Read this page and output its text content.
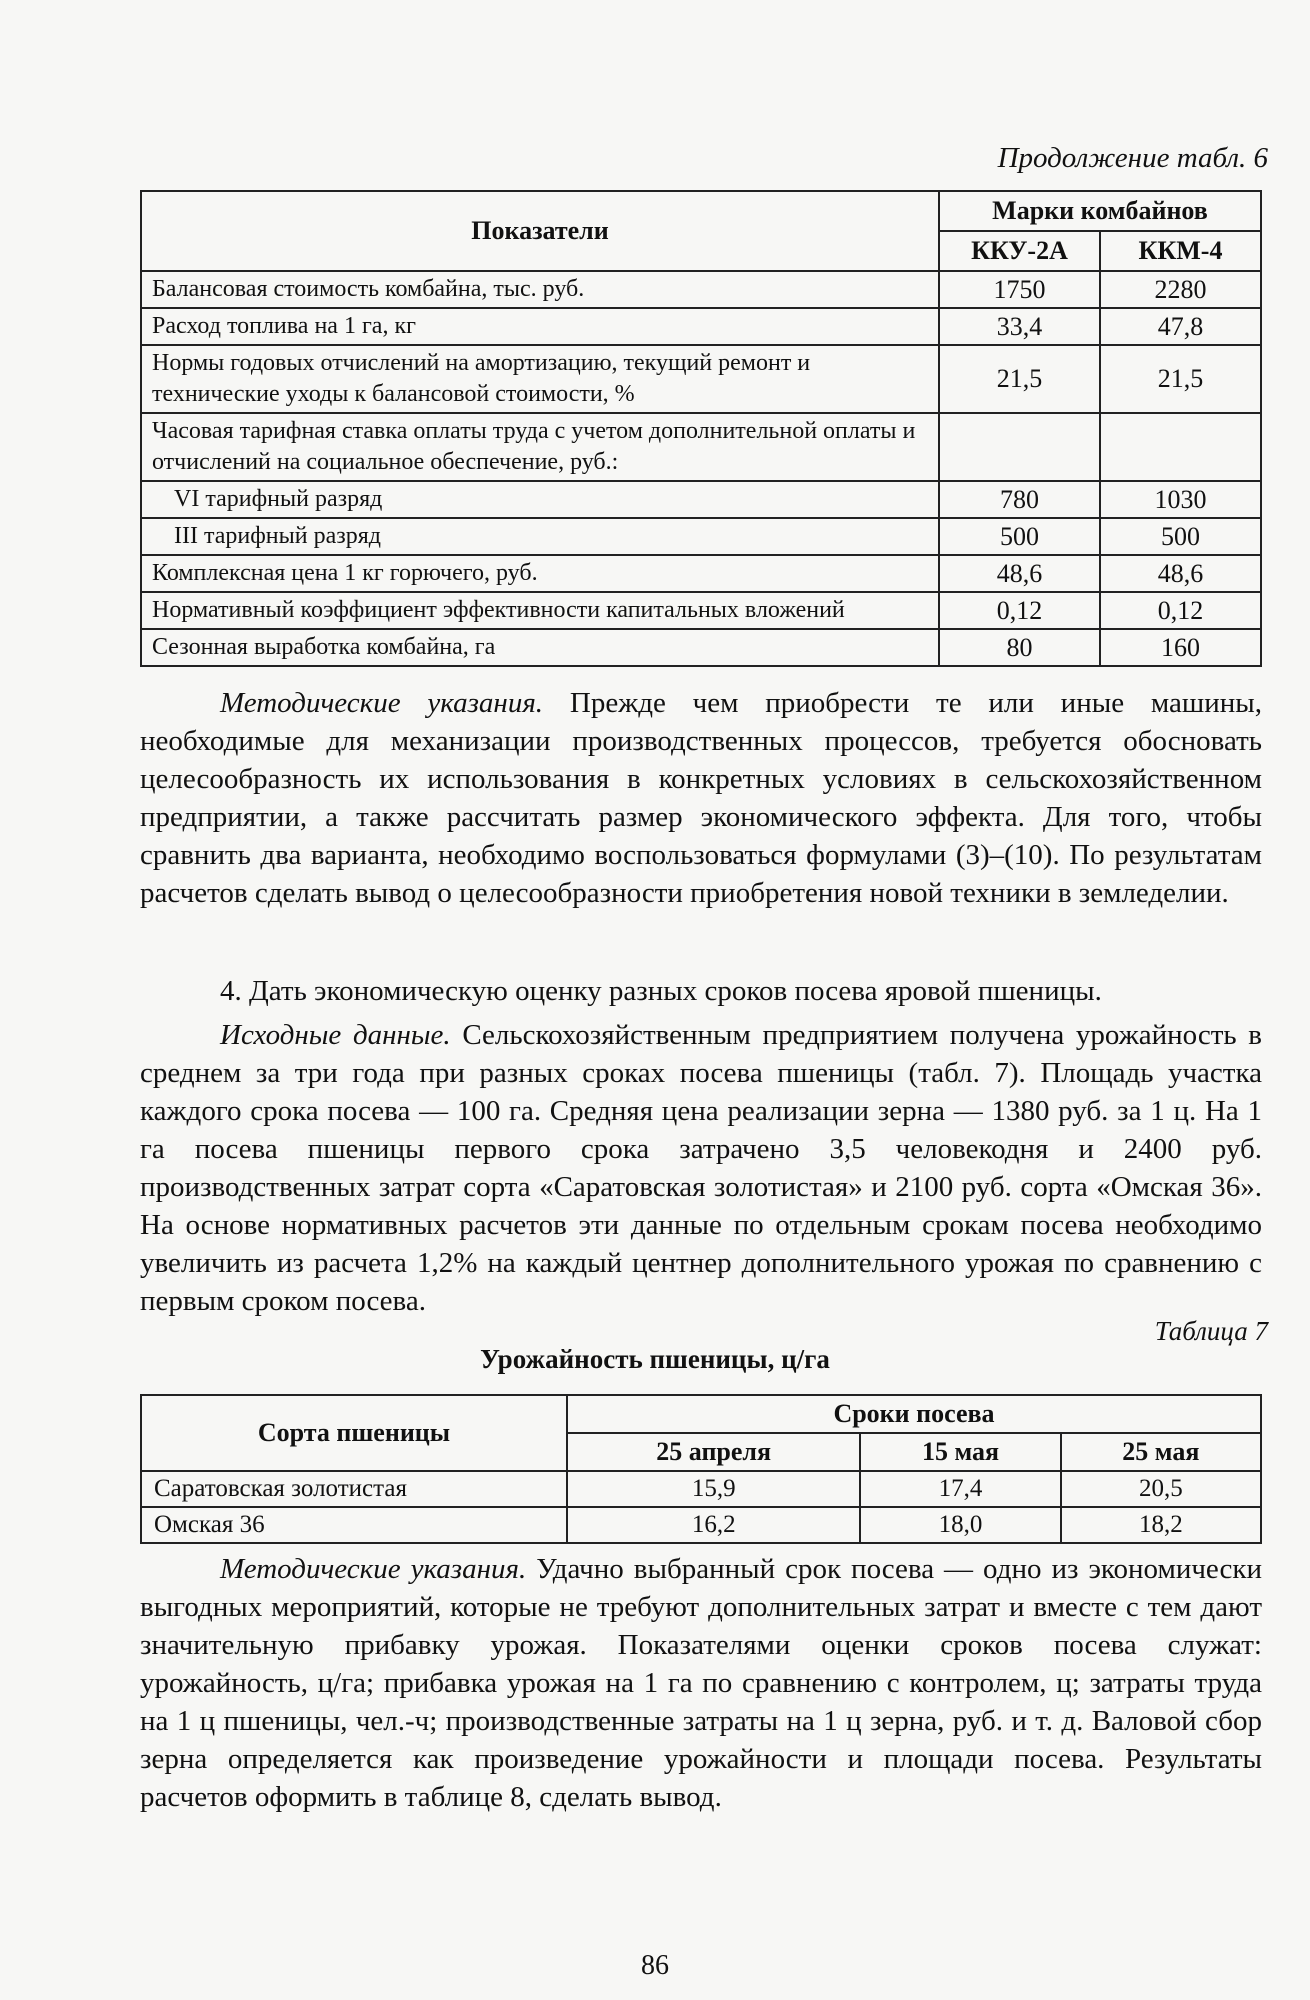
Продолжение табл. 6
Показатели	Марки комбайнов	
	ККУ-2А	ККМ-4
Балансовая стоимость комбайна, тыс. руб.	1750	2280
Расход топлива на 1 га, кг	33,4	47,8
Нормы годовых отчислений на амортизацию, текущий ремонт и технические уходы к балансовой стоимости, %	21,5	21,5
Часовая тарифная ставка оплаты труда с учетом дополнительной оплаты и отчислений на социальное обеспечение, руб.:		
VI тарифный разряд	780	1030
III тарифный разряд	500	500
Комплексная цена 1 кг горючего, руб.	48,6	48,6
Нормативный коэффициент эффективности капитальных вложений	0,12	0,12
Сезонная выработка комбайна, га	80	160
Методические указания. Прежде чем приобрести те или иные машины, необходимые для механизации производственных процессов, требуется обосновать целесообразность их использования в конкретных условиях в сельскохозяйственном предприятии, а также рассчитать размер экономического эффекта. Для того, чтобы сравнить два варианта, необходимо воспользоваться формулами (3)–(10). По результатам расчетов сделать вывод о целесообразности приобретения новой техники в земледелии.
4. Дать экономическую оценку разных сроков посева яровой пшеницы.
Исходные данные. Сельскохозяйственным предприятием получена урожайность в среднем за три года при разных сроках посева пшеницы (табл. 7). Площадь участка каждого срока посева — 100 га. Средняя цена реализации зерна — 1380 руб. за 1 ц. На 1 га посева пшеницы первого срока затрачено 3,5 человекодня и 2400 руб. производственных затрат сорта «Саратовская золотистая» и 2100 руб. сорта «Омская 36». На основе нормативных расчетов эти данные по отдельным срокам посева необходимо увеличить из расчета 1,2% на каждый центнер дополнительного урожая по сравнению с первым сроком посева.
Таблица 7
Урожайность пшеницы, ц/га
Сорта пшеницы	Сроки посева		
	25 апреля	15 мая	25 мая
Саратовская золотистая	15,9	17,4	20,5
Омская 36	16,2	18,0	18,2
Методические указания. Удачно выбранный срок посева — одно из экономически выгодных мероприятий, которые не требуют дополнительных затрат и вместе с тем дают значительную прибавку урожая. Показателями оценки сроков посева служат: урожайность, ц/га; прибавка урожая на 1 га по сравнению с контролем, ц; затраты труда на 1 ц пшеницы, чел.-ч; производственные затраты на 1 ц зерна, руб. и т. д. Валовой сбор зерна определяется как произведение урожайности и площади посева. Результаты расчетов оформить в таблице 8, сделать вывод.
86
